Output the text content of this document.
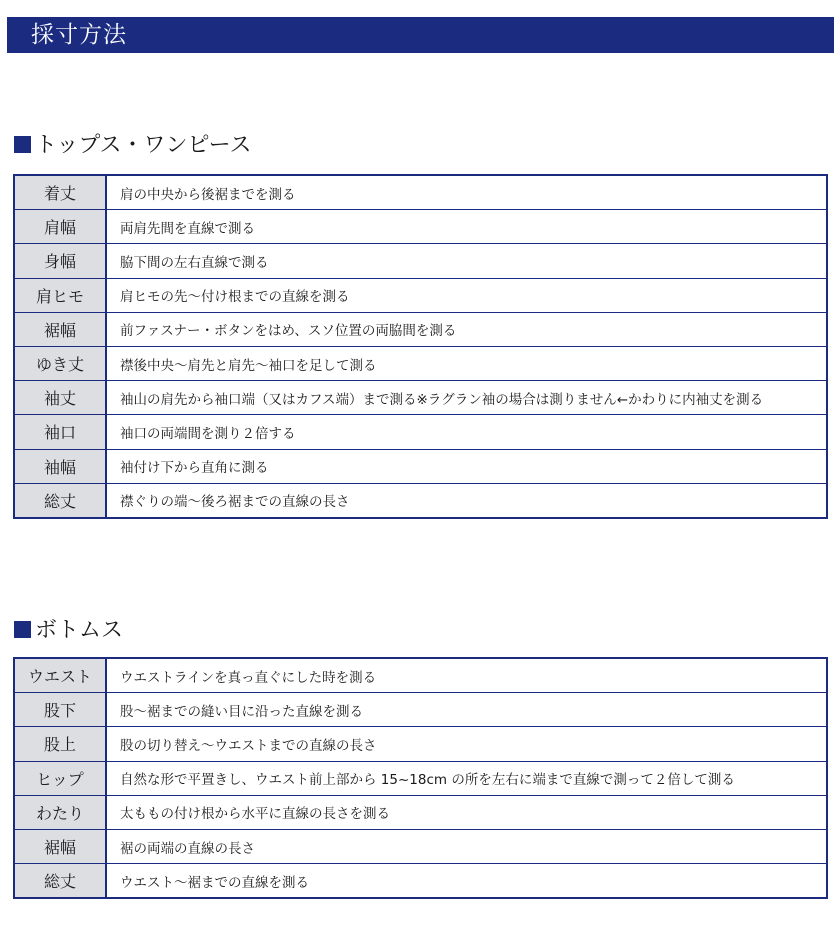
採寸方法
トップス・ワンピース
着丈	肩の中央から後裾までを測る
肩幅	両肩先間を直線で測る
身幅	脇下間の左右直線で測る
肩ヒモ	肩ヒモの先～付け根までの直線を測る
裾幅	前ファスナー・ボタンをはめ、スソ位置の両脇間を測る
ゆき丈	襟後中央～肩先と肩先～袖口を足して測る
袖丈	袖山の肩先から袖口端（又はカフス端）まで測る※ラグラン袖の場合は測りません←かわりに内袖丈を測る
袖口	袖口の両端間を測り２倍する
袖幅	袖付け下から直角に測る
総丈	襟ぐりの端～後ろ裾までの直線の長さ
ボトムス
ウエスト	ウエストラインを真っ直ぐにした時を測る
股下	股～裾までの縫い目に沿った直線を測る
股上	股の切り替え～ウエストまでの直線の長さ
ヒップ	自然な形で平置きし、ウエスト前上部から 15~18cm の所を左右に端まで直線で測って２倍して測る
わたり	太ももの付け根から水平に直線の長さを測る
裾幅	裾の両端の直線の長さ
総丈	ウエスト～裾までの直線を測る
